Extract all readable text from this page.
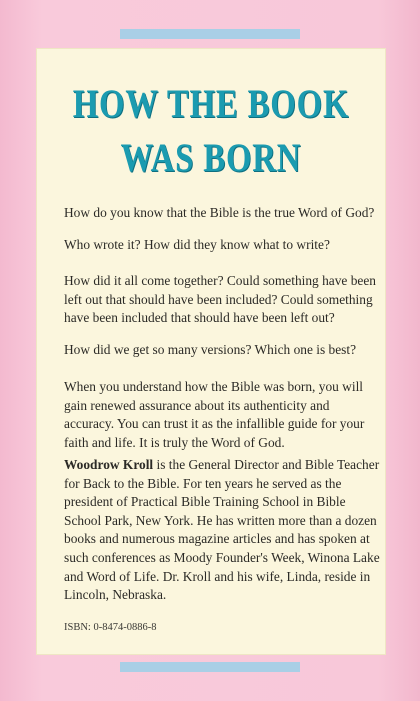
HOW THE BOOK
WAS BORN
How do you know that the Bible is the true Word of God?
Who wrote it? How did they know what to write?
How did it all come together? Could something have been left out that should have been included? Could something have been included that should have been left out?
How did we get so many versions? Which one is best?
When you understand how the Bible was born, you will gain renewed assurance about its authenticity and accuracy. You can trust it as the infallible guide for your faith and life. It is truly the Word of God.
Woodrow Kroll is the General Director and Bible Teacher for Back to the Bible. For ten years he served as the president of Practical Bible Training School in Bible School Park, New York. He has written more than a dozen books and numerous magazine articles and has spoken at such conferences as Moody Founder's Week, Winona Lake and Word of Life. Dr. Kroll and his wife, Linda, reside in Lincoln, Nebraska.
ISBN: 0-8474-0886-8
